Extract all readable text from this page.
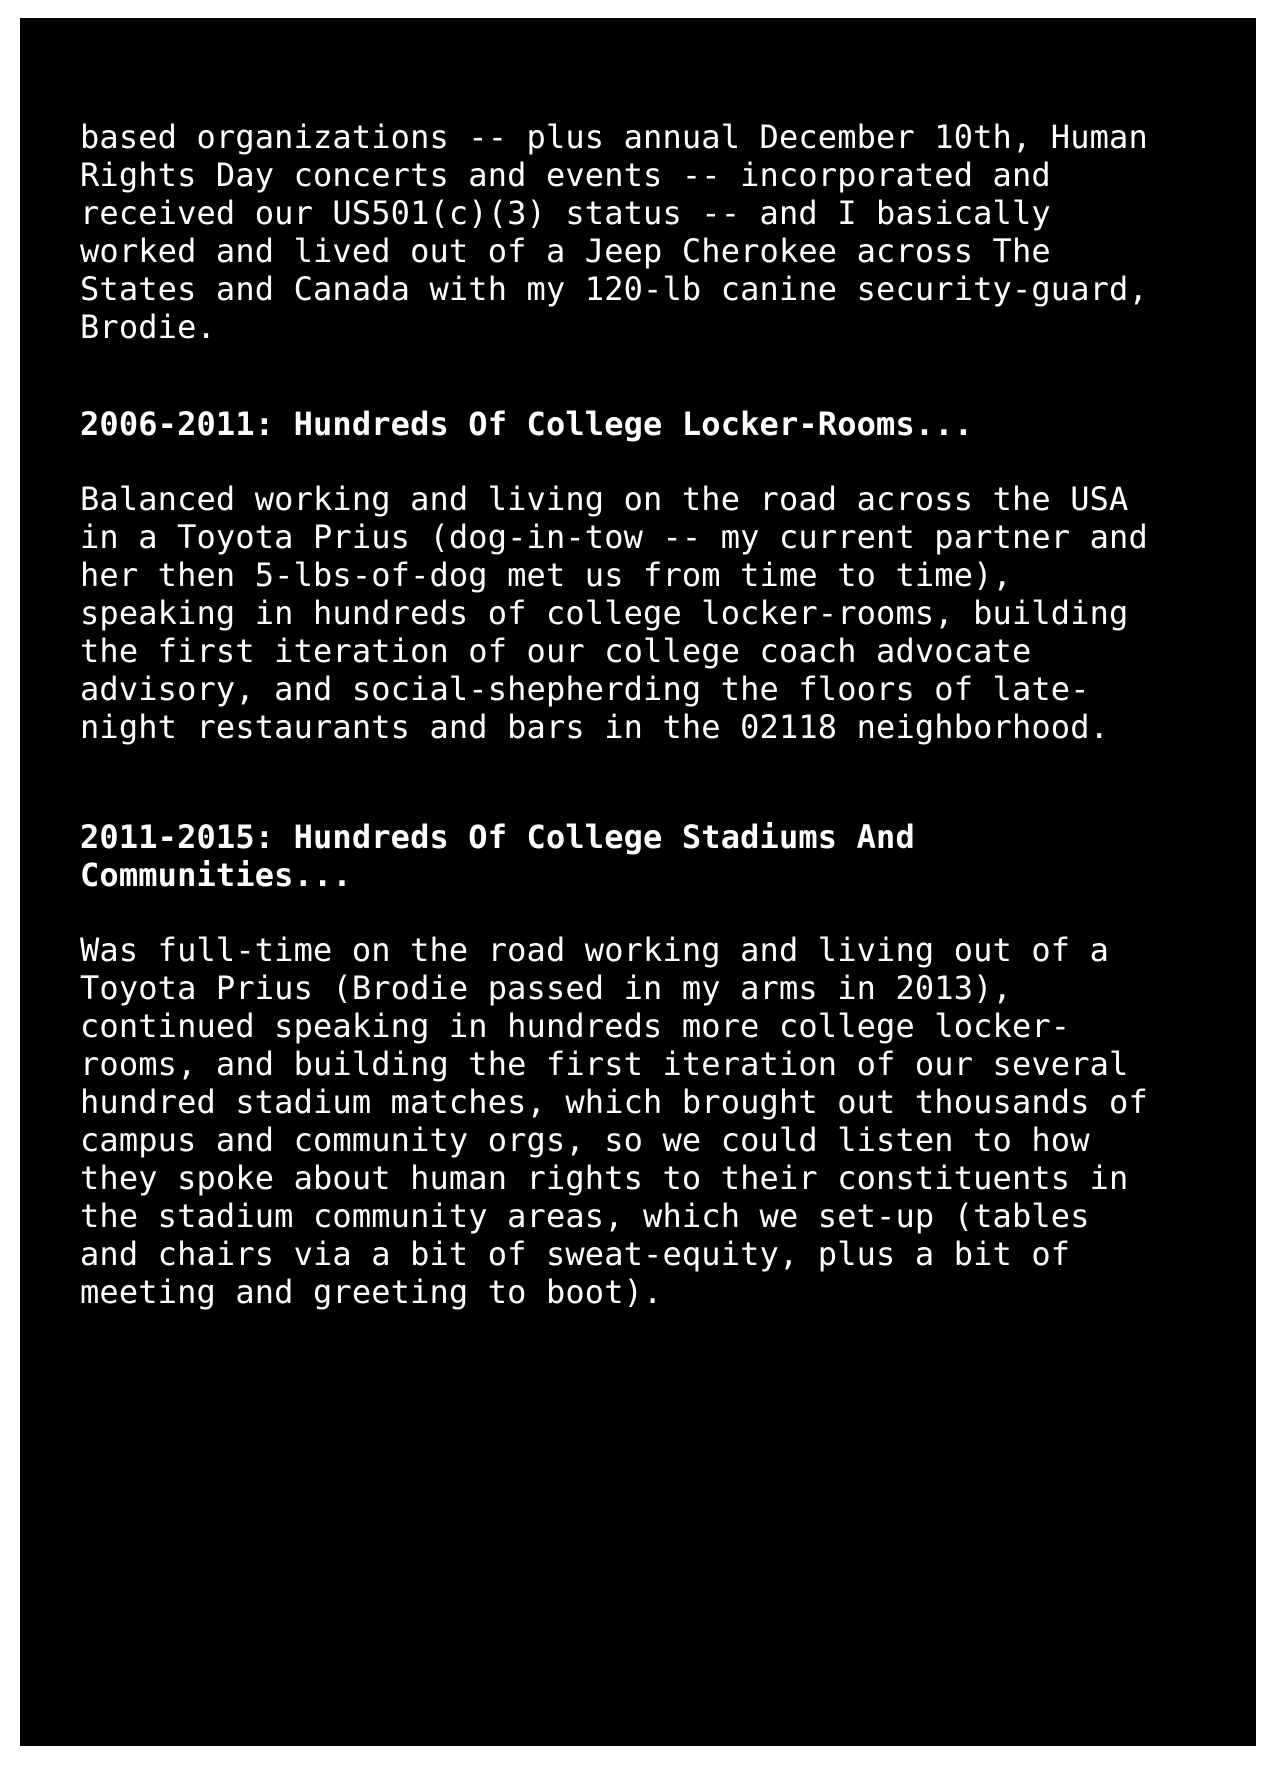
based organizations -- plus annual December 10th, Human
Rights Day concerts and events -- incorporated and
received our US501(c)(3) status -- and I basically
worked and lived out of a Jeep Cherokee across The
States and Canada with my 120-lb canine security-guard,
Brodie.

2006-2011: Hundreds Of College Locker-Rooms...

Balanced working and living on the road across the USA
in a Toyota Prius (dog-in-tow -- my current partner and
her then 5-lbs-of-dog met us from time to time),
speaking in hundreds of college locker-rooms, building
the first iteration of our college coach advocate
advisory, and social-shepherding the floors of late-
night restaurants and bars in the 02118 neighborhood.

2011-2015: Hundreds Of College Stadiums And
Communities...

Was full-time on the road working and living out of a
Toyota Prius (Brodie passed in my arms in 2013),
continued speaking in hundreds more college locker-
rooms, and building the first iteration of our several
hundred stadium matches, which brought out thousands of
campus and community orgs, so we could listen to how
they spoke about human rights to their constituents in
the stadium community areas, which we set-up (tables
and chairs via a bit of sweat-equity, plus a bit of
meeting and greeting to boot).
